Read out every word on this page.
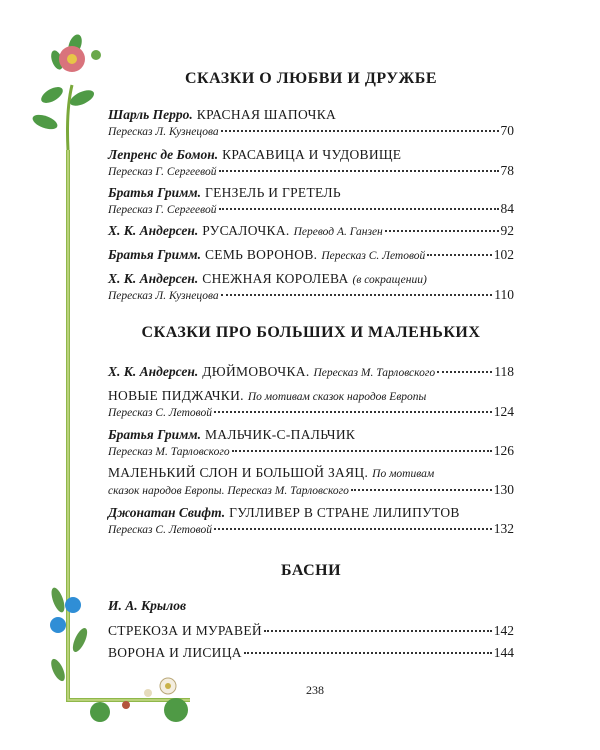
СКАЗКИ О ЛЮБВИ И ДРУЖБЕ
Шарль Перро. КРАСНАЯ ШАПОЧКА
Пересказ Л. Кузнецова	70
Лепренс де Бомон. КРАСАВИЦА И ЧУДОВИЩЕ
Пересказ Г. Сергеевой	78
Братья Гримм. ГЕНЗЕЛЬ И ГРЕТЕЛЬ
Пересказ Г. Сергеевой	84
Х. К. Андерсен. РУСАЛОЧКА. Перевод А. Ганзен	92
Братья Гримм. СЕМЬ ВОРОНОВ. Пересказ С. Летовой	102
Х. К. Андерсен. СНЕЖНАЯ КОРОЛЕВА (в сокращении)
Пересказ Л. Кузнецова	110
СКАЗКИ ПРО БОЛЬШИХ И МАЛЕНЬКИХ
Х. К. Андерсен. ДЮЙМОВОЧКА. Пересказ М. Тарловского	118
НОВЫЕ ПИДЖАЧКИ. По мотивам сказок народов Европы
Пересказ С. Летовой	124
Братья Гримм. МАЛЬЧИК-С-ПАЛЬЧИК
Пересказ М. Тарловского	126
МАЛЕНЬКИЙ СЛОН И БОЛЬШОЙ ЗАЯЦ. По мотивам
сказок народов Европы. Пересказ М. Тарловского	130
Джонатан Свифт. ГУЛЛИВЕР В СТРАНЕ ЛИЛИПУТОВ
Пересказ С. Летовой	132
БАСНИ
И. А. Крылов
СТРЕКОЗА И МУРАВЕЙ	142
ВОРОНА И ЛИСИЦА	144
238
